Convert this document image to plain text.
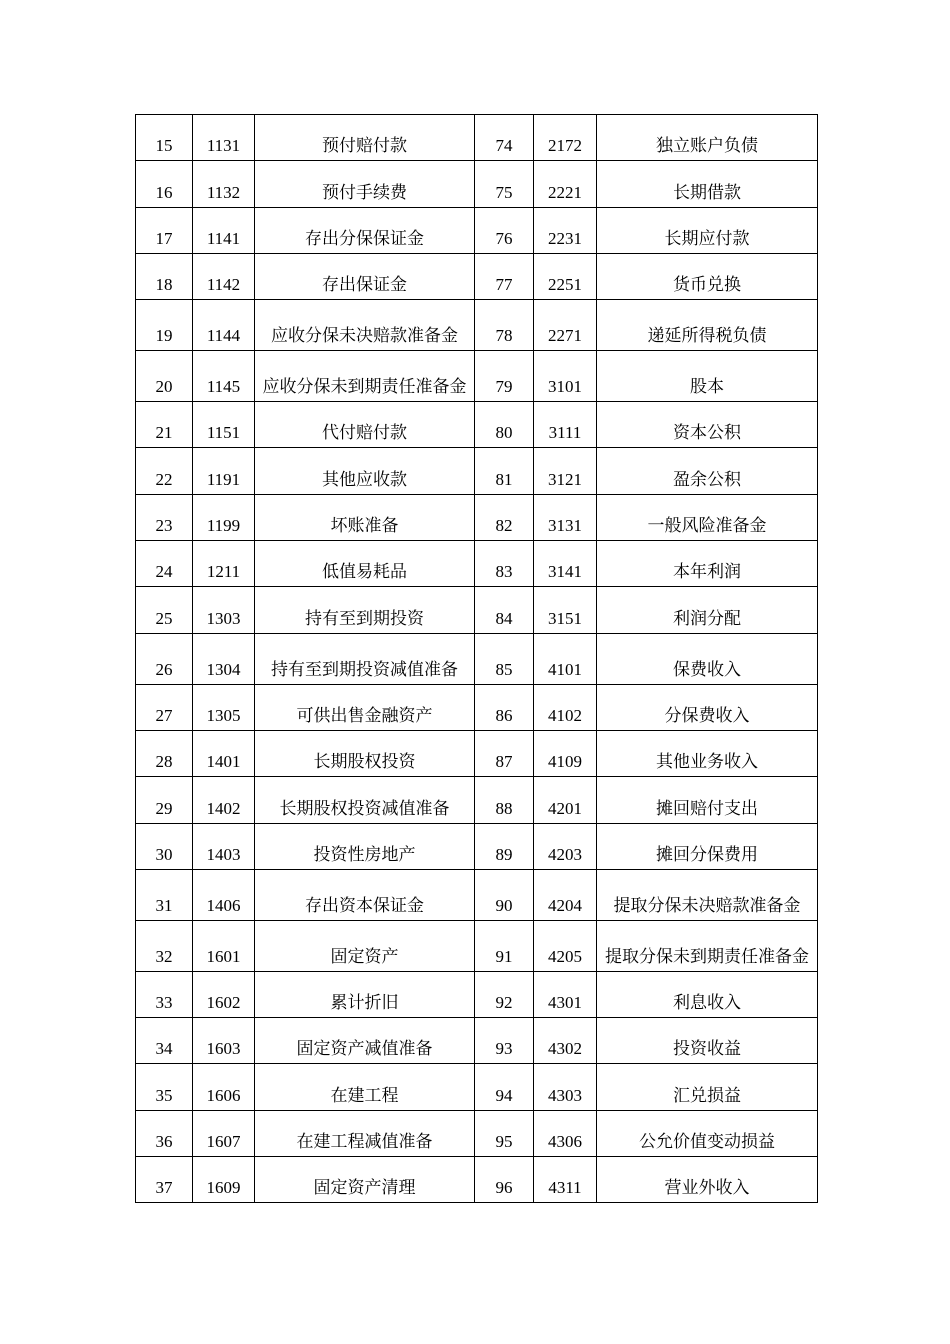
15	1131	预付赔付款	74	2172	独立账户负债
16	1132	预付手续费	75	2221	长期借款
17	1141	存出分保保证金	76	2231	长期应付款
18	1142	存出保证金	77	2251	货币兑换
19	1144	应收分保未决赔款准备金	78	2271	递延所得税负债
20	1145	应收分保未到期责任准备金	79	3101	股本
21	1151	代付赔付款	80	3111	资本公积
22	1191	其他应收款	81	3121	盈余公积
23	1199	坏账准备	82	3131	一般风险准备金
24	1211	低值易耗品	83	3141	本年利润
25	1303	持有至到期投资	84	3151	利润分配
26	1304	持有至到期投资减值准备	85	4101	保费收入
27	1305	可供出售金融资产	86	4102	分保费收入
28	1401	长期股权投资	87	4109	其他业务收入
29	1402	长期股权投资减值准备	88	4201	摊回赔付支出
30	1403	投资性房地产	89	4203	摊回分保费用
31	1406	存出资本保证金	90	4204	提取分保未决赔款准备金
32	1601	固定资产	91	4205	提取分保未到期责任准备金
33	1602	累计折旧	92	4301	利息收入
34	1603	固定资产减值准备	93	4302	投资收益
35	1606	在建工程	94	4303	汇兑损益
36	1607	在建工程减值准备	95	4306	公允价值变动损益
37	1609	固定资产清理	96	4311	营业外收入
